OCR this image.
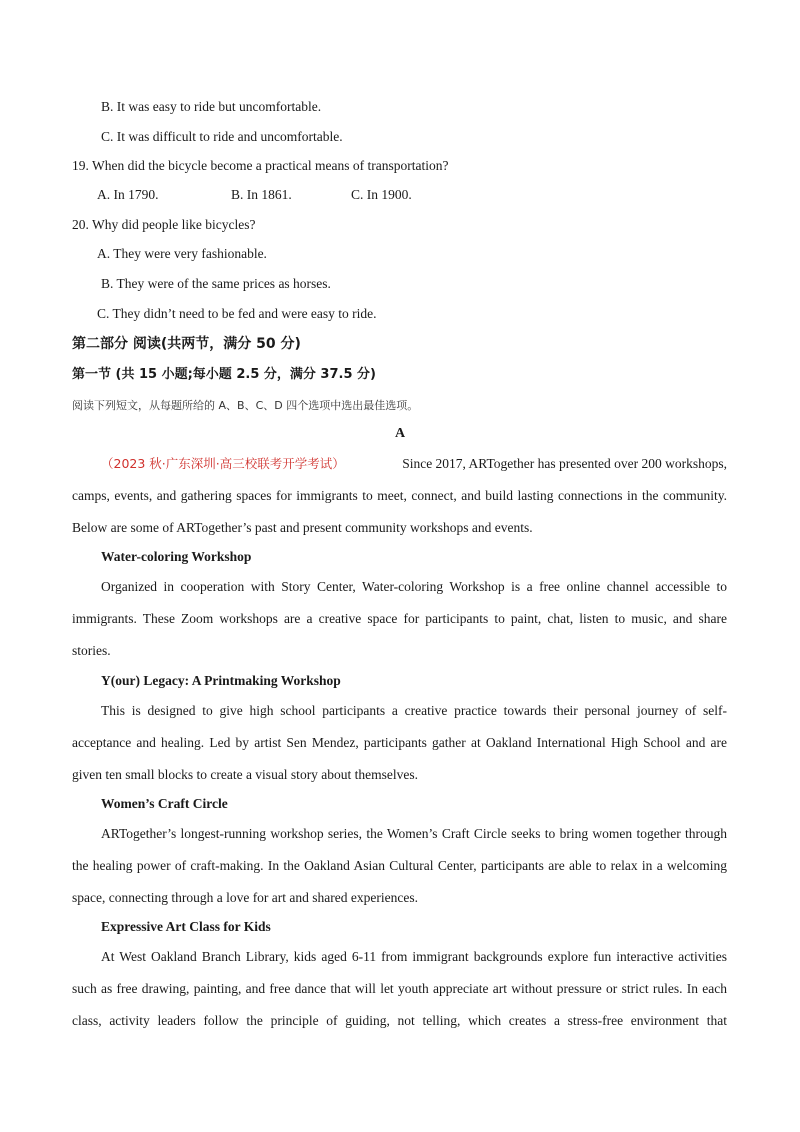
B. It was easy to ride but uncomfortable.
C. It was difficult to ride and uncomfortable.
19. When did the bicycle become a practical means of transportation?
A. In 1790.	B. In 1861.	C. In 1900.
20. Why did people like bicycles?
A. They were very fashionable.
B. They were of the same prices as horses.
C. They didn’t need to be fed and were easy to ride.
第二部分 阅读(共两节，满分 50 分)
第一节 (共 15 小题;每小题 2.5 分，满分 37.5 分)
阅读下列短文，从每题所给的 A、B、C、D 四个选项中选出最佳选项。
A
（2023 秋·广东深圳·高三校联考开学考试）	Since 2017, ARTogether has presented over 200 workshops,
camps, events, and gathering spaces for immigrants to meet, connect, and build lasting connections in the community.
Below are some of ARTogether’s past and present community workshops and events.
Water-coloring Workshop
Organized in cooperation with Story Center, Water-coloring Workshop is a free online channel accessible to
immigrants. These Zoom workshops are a creative space for participants to paint, chat, listen to music, and share
stories.
Y(our) Legacy: A Printmaking Workshop
This is designed to give high school participants a creative practice towards their personal journey of self-
acceptance and healing. Led by artist Sen Mendez, participants gather at Oakland International High School and are
given ten small blocks to create a visual story about themselves.
Women’s Craft Circle
ARTogether’s longest-running workshop series, the Women’s Craft Circle seeks to bring women together through
the healing power of craft-making. In the Oakland Asian Cultural Center, participants are able to relax in a welcoming
space, connecting through a love for art and shared experiences.
Expressive Art Class for Kids
At West Oakland Branch Library, kids aged 6-11 from immigrant backgrounds explore fun interactive activities
such as free drawing, painting, and free dance that will let youth appreciate art without pressure or strict rules. In each
class, activity leaders follow the principle of guiding, not telling, which creates a stress-free environment that
